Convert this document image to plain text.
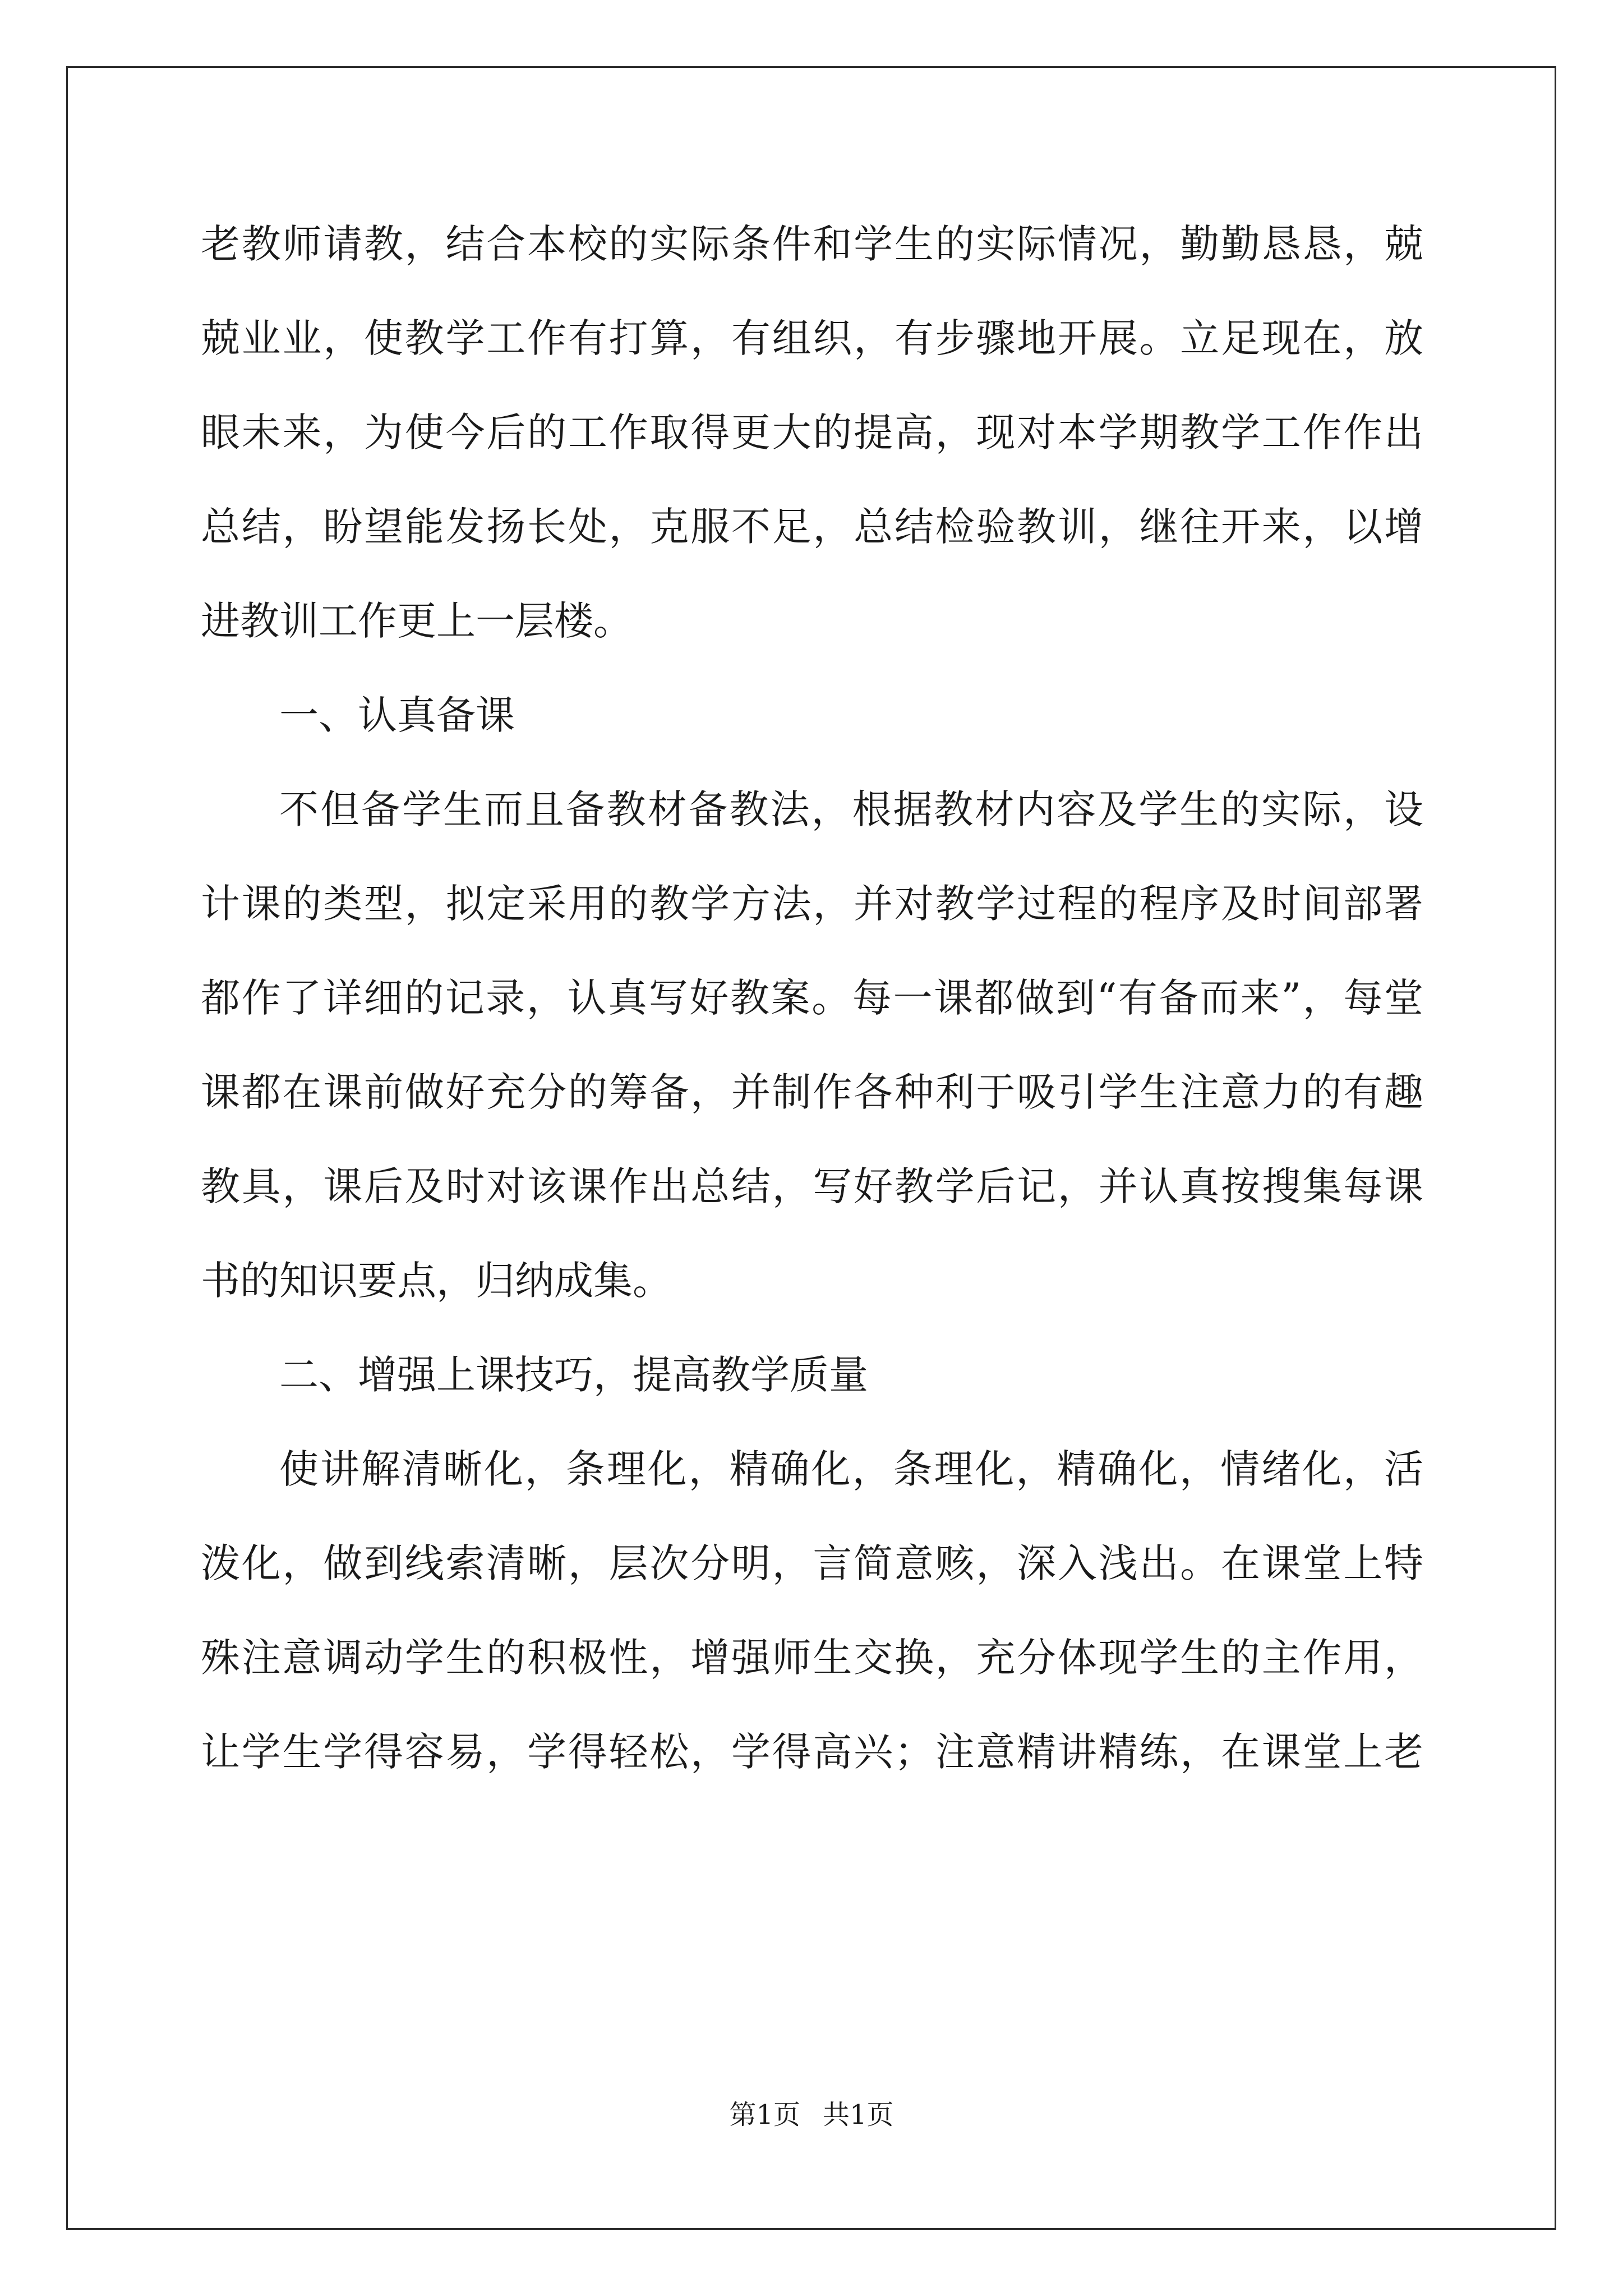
老教师请教，结合本校的实际条件和学生的实际情况，勤勤恳恳，兢
兢业业，使教学工作有打算，有组织，有步骤地开展。立足现在，放
眼未来，为使今后的工作取得更大的提高，现对本学期教学工作作出
总结，盼望能发扬长处，克服不足，总结检验教训，继往开来，以增
进教训工作更上一层楼。
一、认真备课
不但备学生而且备教材备教法，根据教材内容及学生的实际，设
计课的类型，拟定采用的教学方法，并对教学过程的程序及时间部署
都作了详细的记录，认真写好教案。每一课都做到“有备而来”，每堂
课都在课前做好充分的筹备，并制作各种利于吸引学生注意力的有趣
教具，课后及时对该课作出总结，写好教学后记，并认真按搜集每课
书的知识要点，归纳成集。
二、增强上课技巧，提高教学质量
使讲解清晰化，条理化，精确化，条理化，精确化，情绪化，活
泼化，做到线索清晰，层次分明，言简意赅，深入浅出。在课堂上特
殊注意调动学生的积极性，增强师生交换，充分体现学生的主作用，
让学生学得容易，学得轻松，学得高兴；注意精讲精练，在课堂上老
第1页 共1页
